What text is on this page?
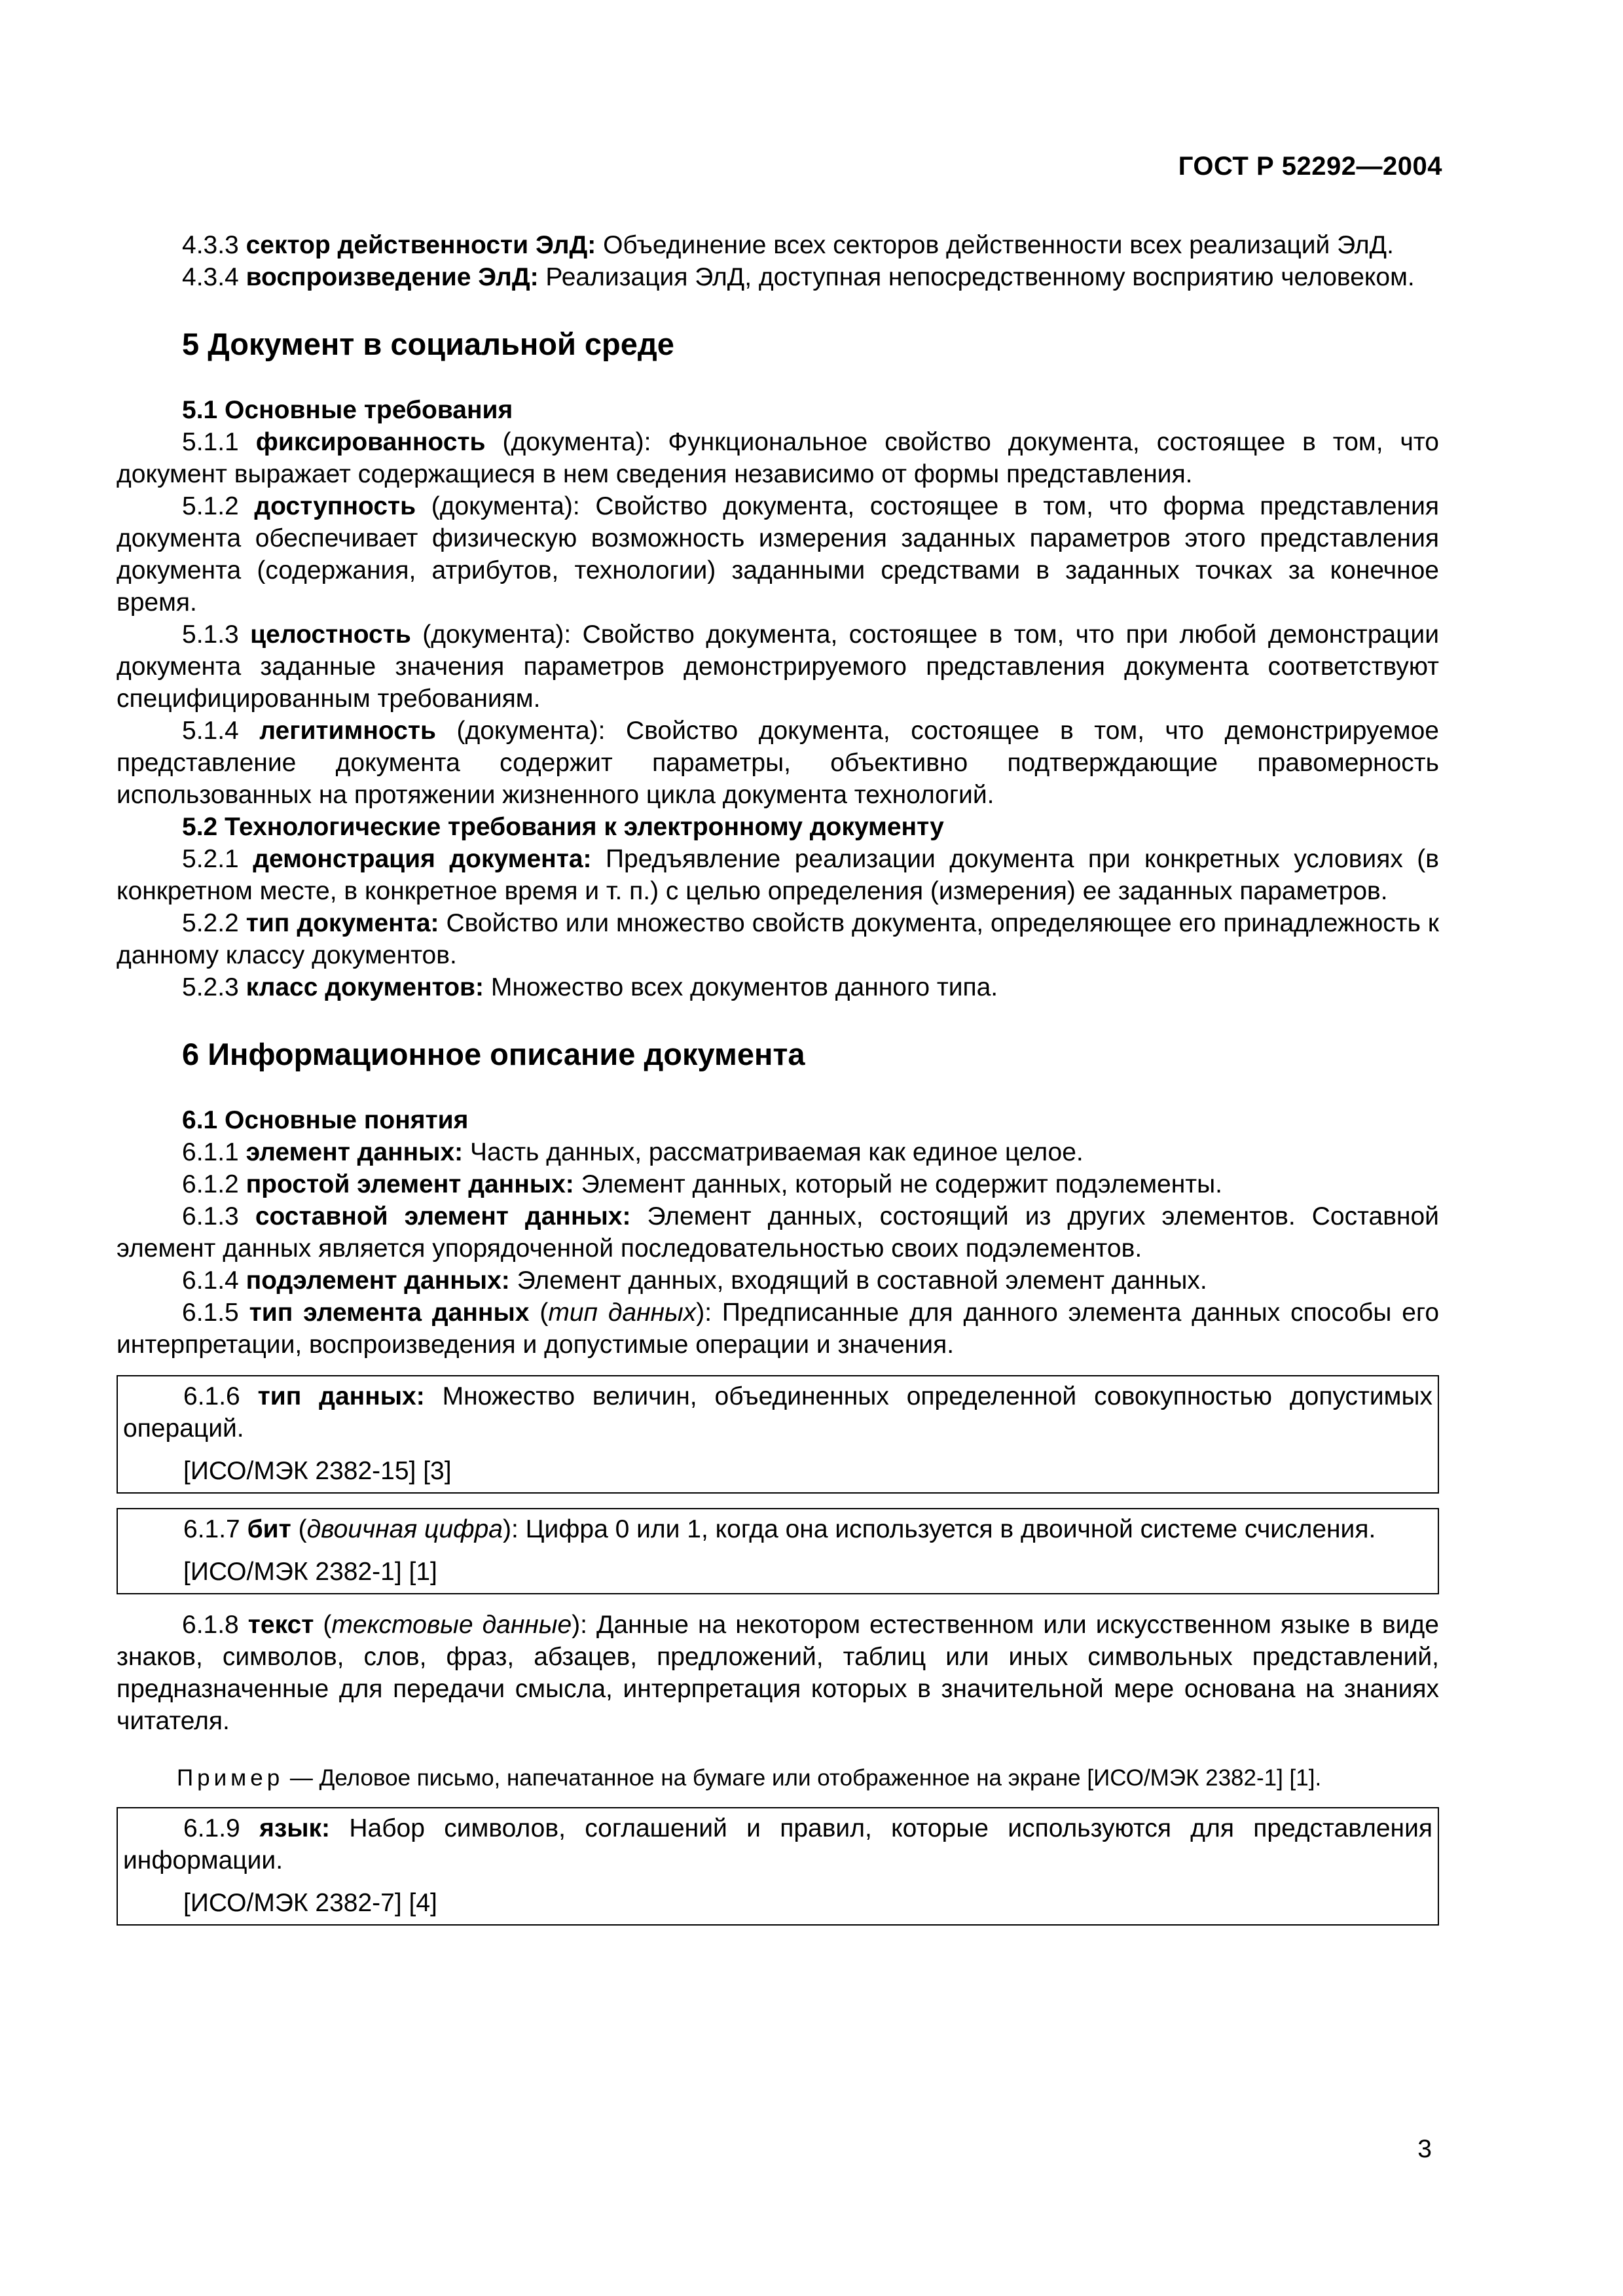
ГОСТ Р 52292—2004

4.3.3 сектор действенности ЭлД: Объединение всех секторов действенности всех реализаций ЭлД.

4.3.4 воспроизведение ЭлД: Реализация ЭлД, доступная непосредственному восприятию человеком.

5 Документ в социальной среде
5.1 Основные требования

5.1.1 фиксированность (документа): Функциональное свойство документа, состоящее в том, что документ выражает содержащиеся в нем сведения независимо от формы представления.

5.1.2 доступность (документа): Свойство документа, состоящее в том, что форма представления документа обеспечивает физическую возможность измерения заданных параметров этого представления документа (содержания, атрибутов, технологии) заданными средствами в заданных точках за конечное время.

5.1.3 целостность (документа): Свойство документа, состоящее в том, что при любой демонстрации документа заданные значения параметров демонстрируемого представления документа соответствуют специфицированным требованиям.

5.1.4 легитимность (документа): Свойство документа, состоящее в том, что демонстрируемое представление документа содержит параметры, объективно подтверждающие правомерность использованных на протяжении жизненного цикла документа технологий.

5.2 Технологические требования к электронному документу

5.2.1 демонстрация документа: Предъявление реализации документа при конкретных условиях (в конкретном месте, в конкретное время и т. п.) с целью определения (измерения) ее заданных параметров.

5.2.2 тип документа: Свойство или множество свойств документа, определяющее его принадлежность к данному классу документов.

5.2.3 класс документов: Множество всех документов данного типа.

6 Информационное описание документа
6.1 Основные понятия

6.1.1 элемент данных: Часть данных, рассматриваемая как единое целое.

6.1.2 простой элемент данных: Элемент данных, который не содержит подэлементы.

6.1.3 составной элемент данных: Элемент данных, состоящий из других элементов. Составной элемент данных является упорядоченной последовательностью своих подэлементов.

6.1.4 подэлемент данных: Элемент данных, входящий в составной элемент данных.

6.1.5 тип элемента данных (тип данных): Предписанные для данного элемента данных способы его интерпретации, воспроизведения и допустимые операции и значения.

6.1.6 тип данных: Множество величин, объединенных определенной совокупностью допустимых операций.

[ИСО/МЭК 2382-15] [3]

6.1.7 бит (двоичная цифра): Цифра 0 или 1, когда она используется в двоичной системе счисления.

[ИСО/МЭК 2382-1] [1]

6.1.8 текст (текстовые данные): Данные на некотором естественном или искусственном языке в виде знаков, символов, слов, фраз, абзацев, предложений, таблиц или иных символьных представлений, предназначенные для передачи смысла, интерпретация которых в значительной мере основана на знаниях читателя.

Пример — Деловое письмо, напечатанное на бумаге или отображенное на экране [ИСО/МЭК 2382-1] [1].

6.1.9 язык: Набор символов, соглашений и правил, которые используются для представления информации.

[ИСО/МЭК 2382-7] [4]
3
